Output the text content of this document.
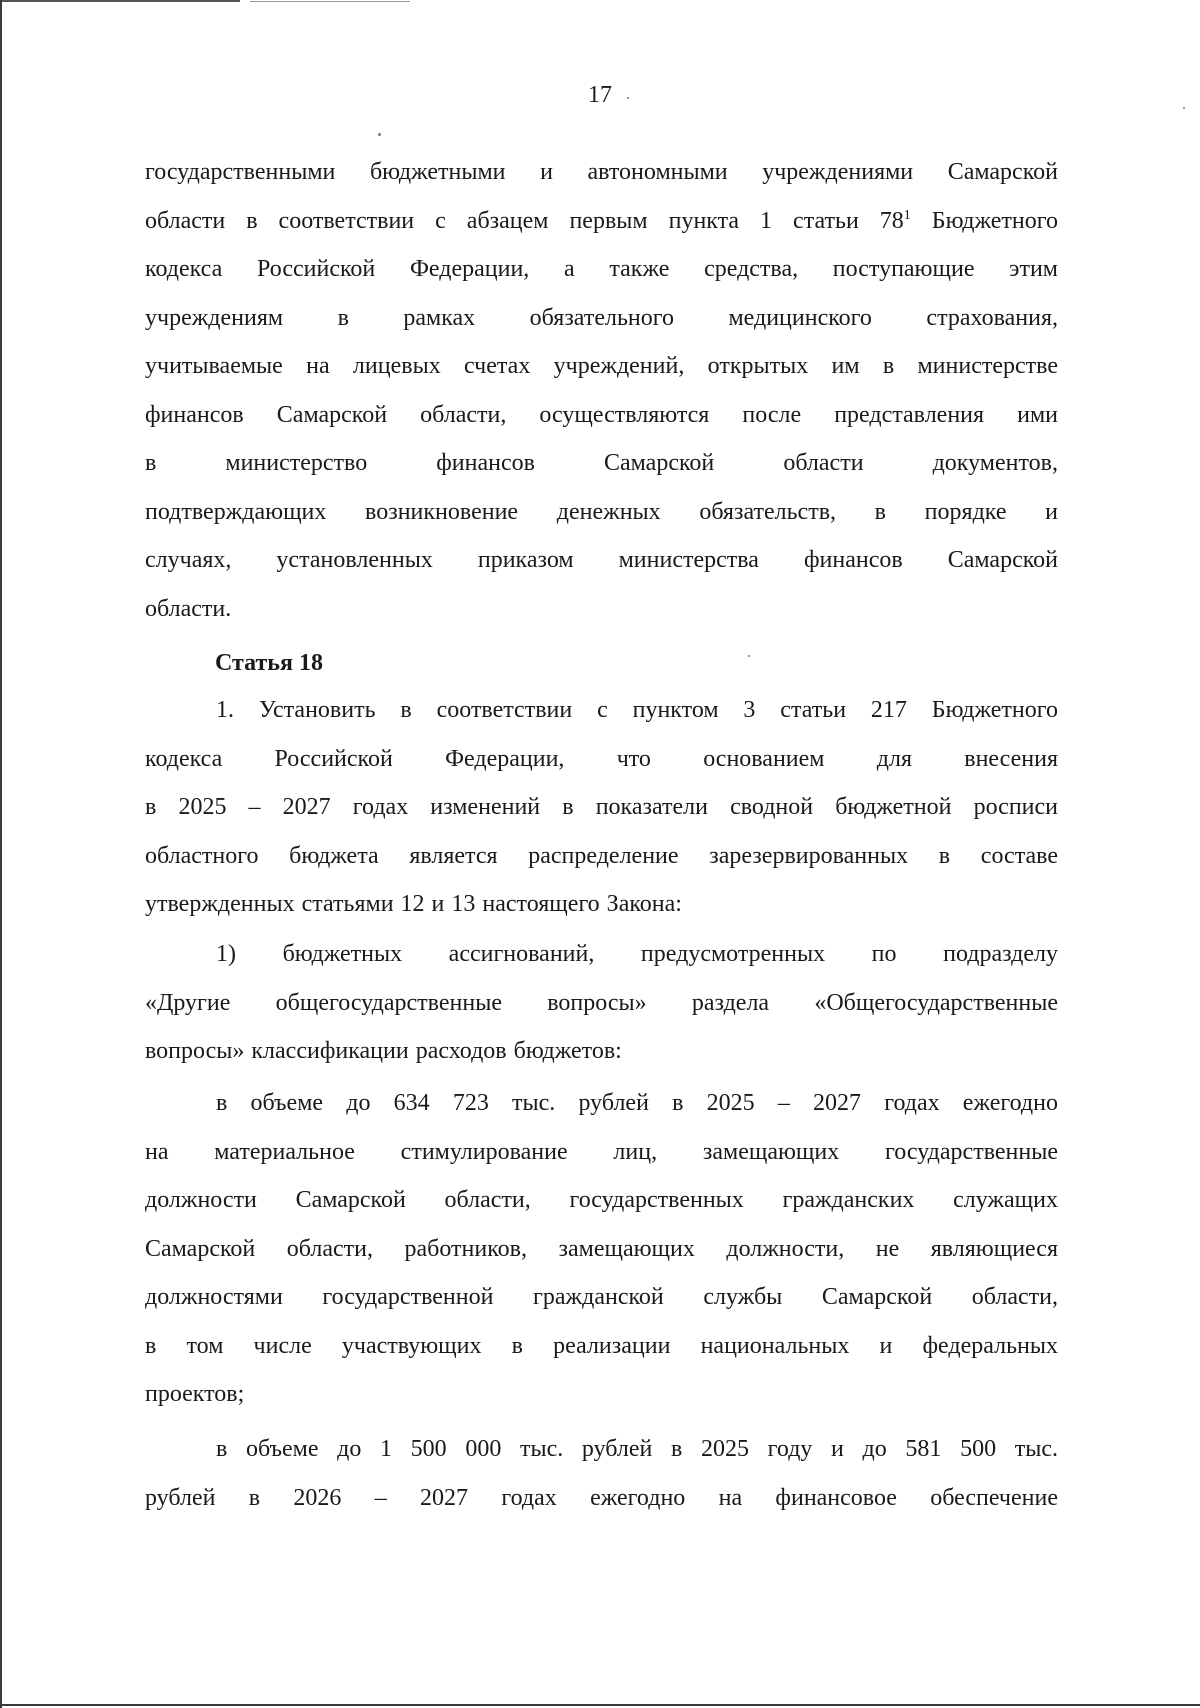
17

государственными бюджетными и автономными учреждениями Самарской

области в соответствии с абзацем первым пункта 1 статьи $78^1$ Бюджетного

кодекса Российской Федерации, а также средства, поступающие этим

учреждениям в рамках обязательного медицинского страхования,

учитываемые на лицевых счетах учреждений, открытых им в министерстве

финансов Самарской области, осуществляются после представления ими

в министерство финансов Самарской области документов,

подтверждающих возникновение денежных обязательств, в порядке и

случаях, установленных приказом министерства финансов Самарской

области.

Статья 18

1. Установить в соответствии с пунктом 3 статьи 217 Бюджетного

кодекса Российской Федерации, что основанием для внесения

в 2025 – 2027 годах изменений в показатели сводной бюджетной росписи

областного бюджета является распределение зарезервированных в составе

утвержденных статьями 12 и 13 настоящего Закона:

1) бюджетных ассигнований, предусмотренных по подразделу

«Другие общегосударственные вопросы» раздела «Общегосударственные

вопросы» классификации расходов бюджетов:

в объеме до 634 723 тыс. рублей в 2025 – 2027 годах ежегодно

на материальное стимулирование лиц, замещающих государственные

должности Самарской области, государственных гражданских служащих

Самарской области, работников, замещающих должности, не являющиеся

должностями государственной гражданской службы Самарской области,

в том числе участвующих в реализации национальных и федеральных

проектов;

в объеме до 1 500 000 тыс. рублей в 2025 году и до 581 500 тыс.

рублей в 2026 – 2027 годах ежегодно на финансовое обеспечение
